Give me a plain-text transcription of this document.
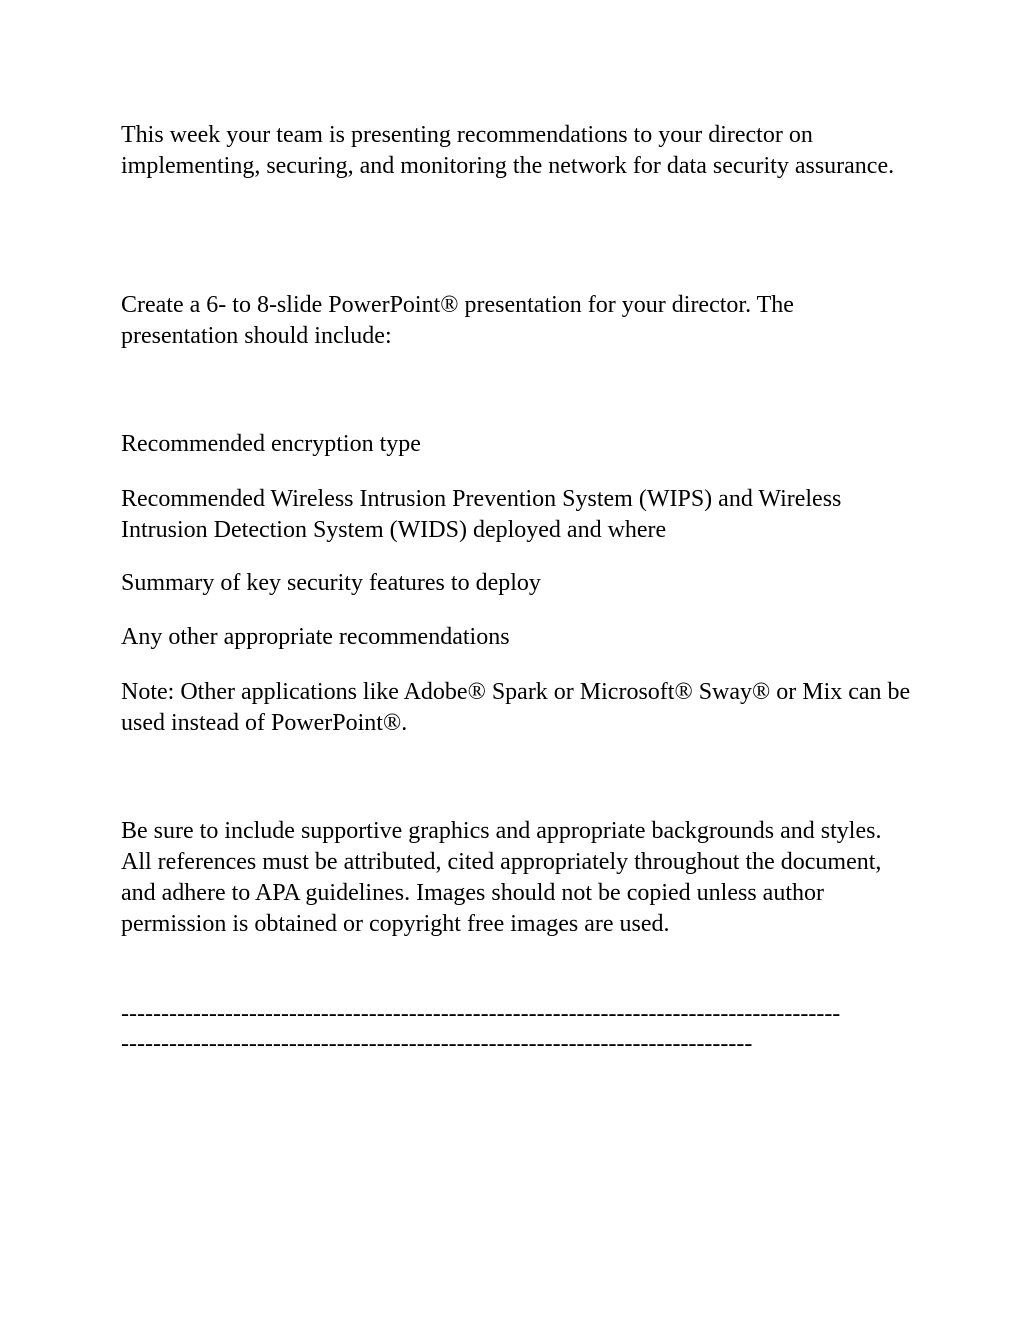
This week your team is presenting recommendations to your director on implementing, securing, and monitoring the network for data security assurance.

Create a 6- to 8-slide PowerPoint® presentation for your director. The presentation should include:

Recommended encryption type

Recommended Wireless Intrusion Prevention System (WIPS) and Wireless Intrusion Detection System (WIDS) deployed and where

Summary of key security features to deploy

Any other appropriate recommendations

Note: Other applications like Adobe® Spark or Microsoft® Sway® or Mix can be used instead of PowerPoint®.

Be sure to include supportive graphics and appropriate backgrounds and styles. All references must be attributed, cited appropriately throughout the document, and adhere to APA guidelines. Images should not be copied unless author permission is obtained or copyright free images are used.

------------------------------------------------------------------------------------------

-------------------------------------------------------------------------------
